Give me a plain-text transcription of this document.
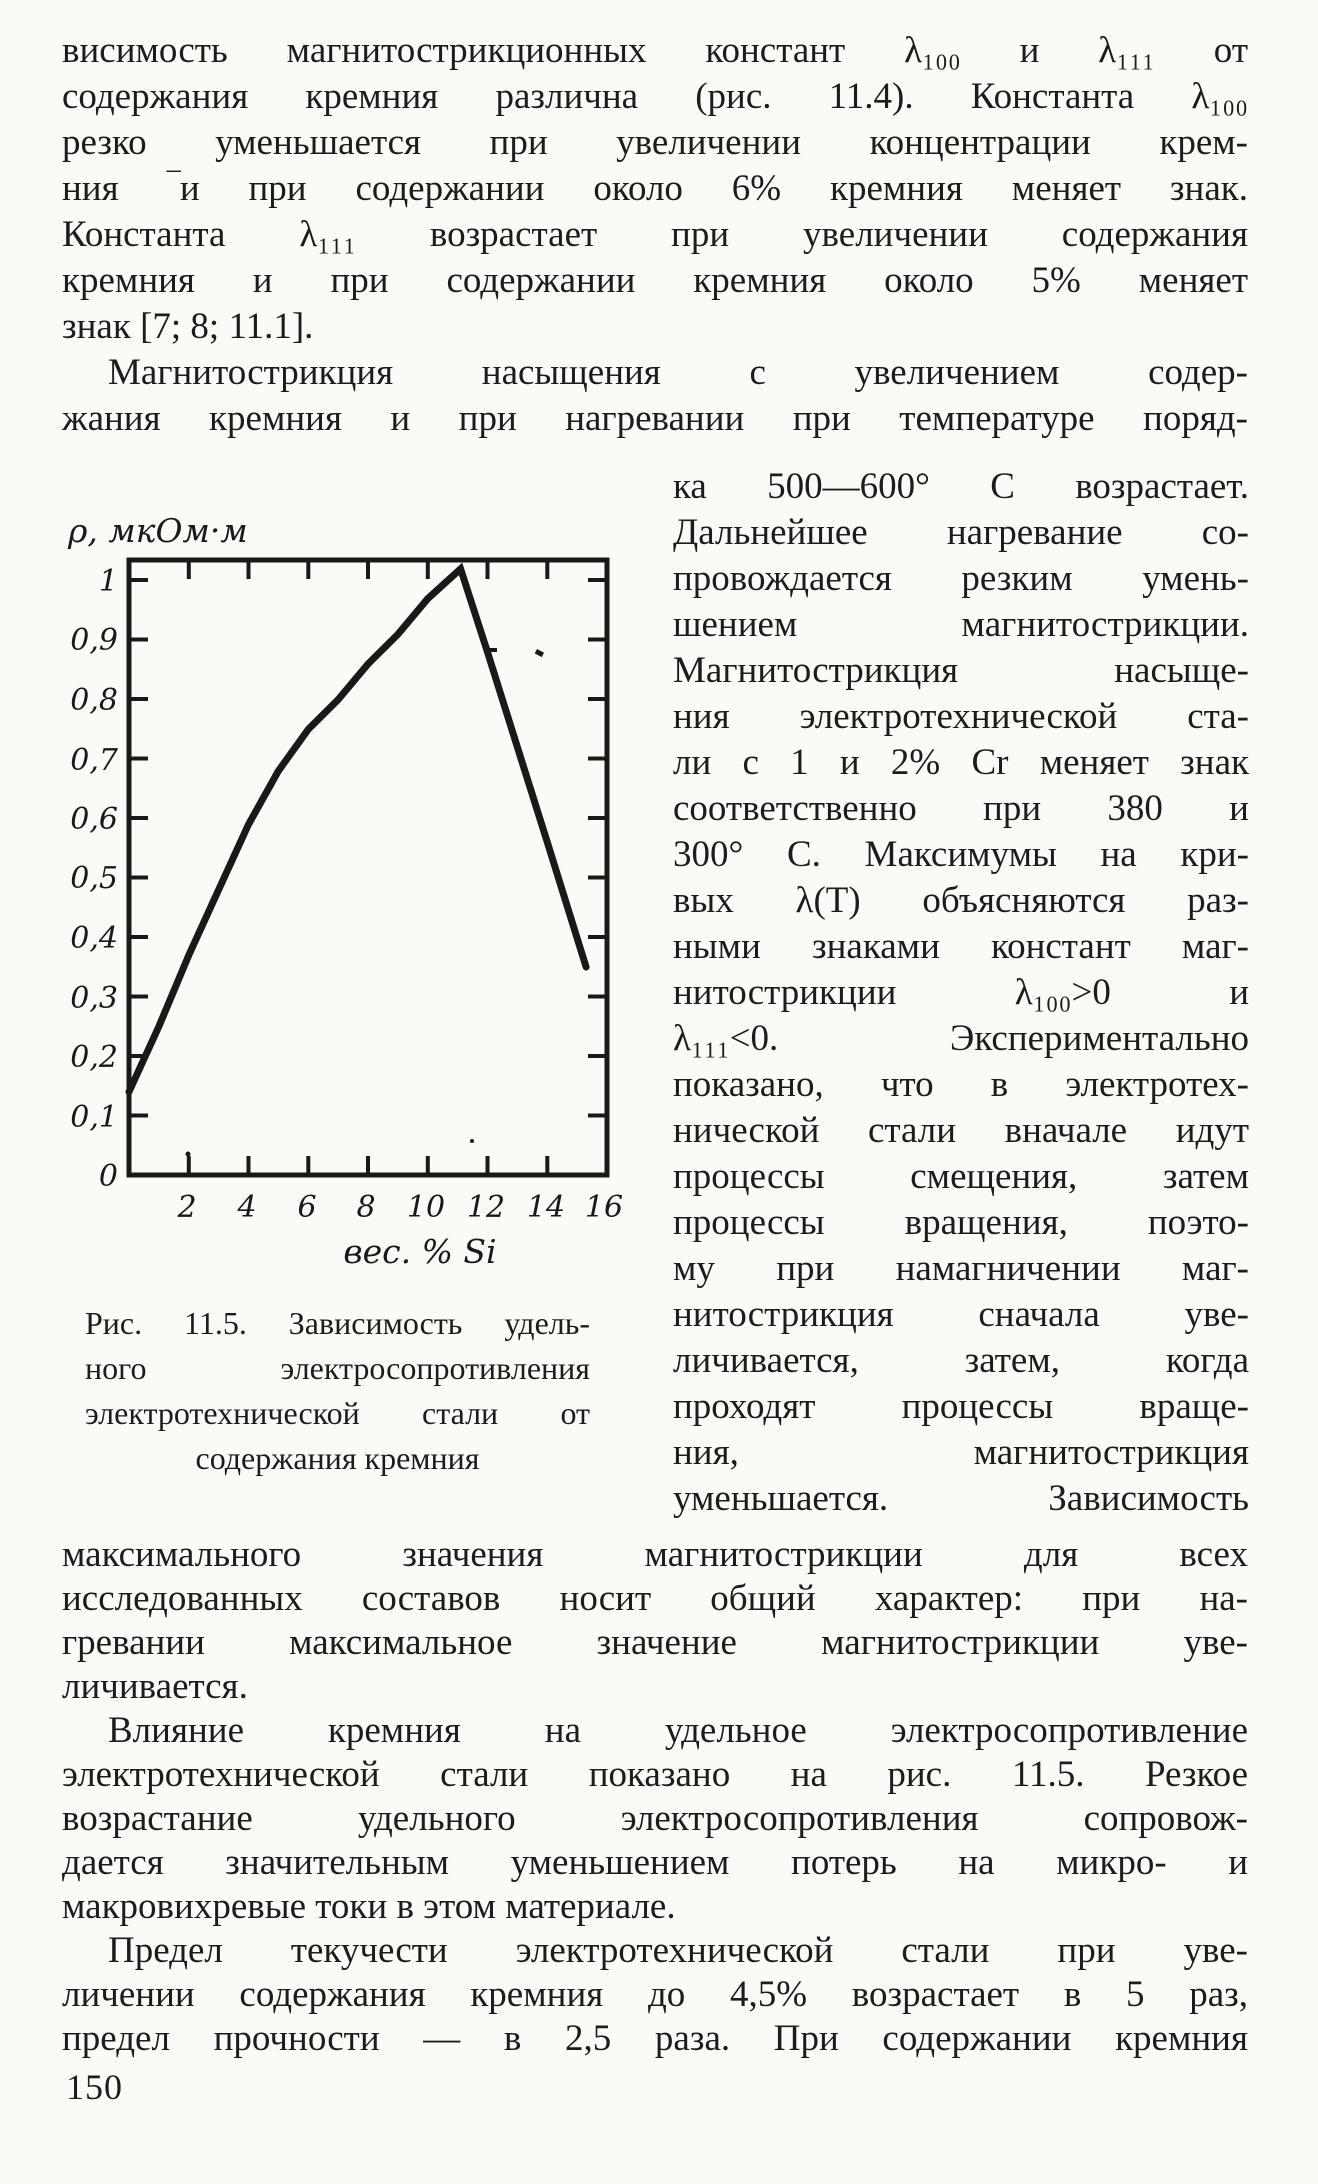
висимость магнитострикционных констант λ₁₀₀ и λ₁₁₁ от
содержания кремния различна (рис. 11.4). Константа λ₁₀₀
резко уменьшается при увеличении концентрации крем-
ния ‾и при содержании около 6% кремния меняет знак.
Константа λ₁₁₁ возрастает при увеличении содержания
кремния и при содержании кремния около 5% меняет
знак [7; 8; 11.1].
Магнитострикция насыщения с увеличением содер-
жания кремния и при нагревании при температуре поряд-
ρ, мкОм·м
1
0,9
0,8
0,7
0,6
0,5
0,4
0,3
0,2
0,1
0
2 4 6 8 10 12 14 16
вес. % Si
Рис. 11.5. Зависимость удель-
ного электросопротивления
электротехнической стали от
содержания кремния
ка 500—600° С возрастает.
Дальнейшее нагревание со-
провождается резким умень-
шением магнитострикции.
Магнитострикция насыще-
ния электротехнической ста-
ли с 1 и 2% Cr меняет знак
соответственно при 380 и
300° С. Максимумы на кри-
вых λ(Т) объясняются раз-
ными знаками констант маг-
нитострикции λ₁₀₀>0 и
λ₁₁₁<0. Экспериментально
показано, что в электротех-
нической стали вначале идут
процессы смещения, затем
процессы вращения, поэто-
му при намагничении маг-
нитострикция сначала уве-
личивается, затем, когда
проходят процессы враще-
ния, магнитострикция
уменьшается. Зависимость
максимального значения магнитострикции для всех
исследованных составов носит общий характер: при на-
гревании максимальное значение магнитострикции уве-
личивается.
Влияние кремния на удельное электросопротивление
электротехнической стали показано на рис. 11.5. Резкое
возрастание удельного электросопротивления сопровож-
дается значительным уменьшением потерь на микро- и
макровихревые токи в этом материале.
Предел текучести электротехнической стали при уве-
личении содержания кремния до 4,5% возрастает в 5 раз,
предел прочности — в 2,5 раза. При содержании кремния
150
